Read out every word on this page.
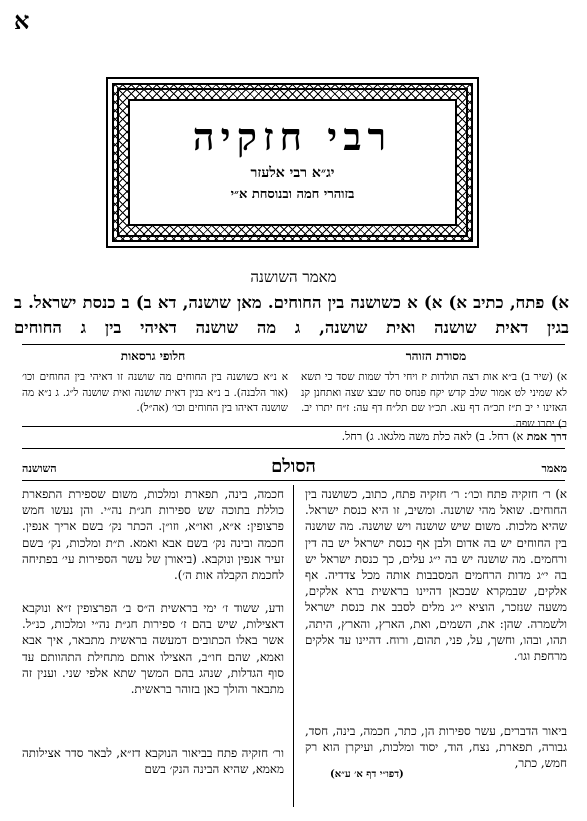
א
רבי חזקיה
יג״א רבי אלעזר
בזוהרי חמה ובנוסחת א״י
מאמר השושנה

א) פתח, כתיב א) א) א כשושנה בין החוחים. מאן שושנה, דא ב) ב כנסת ישראל. ב בגין דאית שושנה ואית שושנה, ג מה שושנה דאיהי בין ג החוחים

מסורת הזוהר
חלופי גרסאות

א) (שיר ב) ב״א אות רצה תולדות יז ויחי רלד שמות שסד כי תשא לא שמיני לט אמור שלב קדש יקח פנחס סח שבצ שצה ואתחנן קנ האזינו י יב ת״ז תכ״ה דף עא. תכ״ו שם תל״ח דף עה: ז״ח יתרו יב. ב) יתרו שפה.

א נ״א כשושנה בין החוחים מה שושנה זו דאיהי בין החוחים וכו׳ (אור הלבנה). ב נ״א בגין דאית שושנה ואית שושנה ל״ג. ג נ״א מה שושנה דאיהו בין החוחים וכו׳ (אה״ל).

דרך אמת א) רחל. ב) לאה כלת משה מלגאו. ג) רחל.
הסולם	מאמר
השושנה

א) ר׳ חזקיה פתח וכו׳: ר׳ חזקיה פתח, כתוב, כשושנה בין החוחים. שואל מהי שושנה. ומשיב, זו היא כנסת ישראל. שהיא מלכות. משום שיש שושנה ויש שושנה. מה שושנה בין החוחים יש בה אדום ולבן אף כנסת ישראל יש בה דין ורחמים. מה שושנה יש בה י״ג עלים, כך כנסת ישראל יש בה י״ג מדות הרחמים המסבבות אותה מכל צדדיה. אף אלקים, שבמקרא שבכאן דהיינו בראשית ברא אלקים, משעה שנזכר, הוציא י״ג מלים לסבב את כנסת ישראל ולשמרה. שהן: את, השמים, ואת, הארץ, והארץ, היתה, תהו, ובהו, וחשך, על, פני, תהום, ורוח. דהיינו עד אלקים מרחפת וגו׳.

ביאור הדברים, עשר ספירות הן, כתר, חכמה, בינה, חסד, גבורה, תפארת, נצח, הוד, יסוד ומלכות, ועיקרן הוא רק חמש, כתר,

חכמה, בינה, תפארת ומלכות, משום שספירת התפארת כוללת בתוכה שש ספירות חג״ת נה״י. והן נעשו חמש פרצופין: א״א, ואו״א, וזו״ן. הכתר נק׳ בשם אריך אנפין. חכמה ובינה נק׳ בשם אבא ואמא. ת״ת ומלכות, נק׳ בשם זעיר אנפין ונוקבא. (ביאורן של עשר הספירות עי׳ בפתיחה לחכמת הקבלה אות ה׳).

ודע, ששוד ז׳ ימי בראשית ה״ס ב׳ הפרצופין ז״א ונוקבא דאצילות, שיש בהם ז׳ ספירות חג״ת נה״י ומלכות, כנ״ל. אשר באלו הכתובים דמעשה בראשית מתבאר, איך אבא ואמא, שהם חו״ב, האצילו אותם מתחילת התהוותם עד סוף הגדלות, שנהג בהם המשך שתא אלפי שני. וענין זה מתבאר והולך כאן בזוהר בראשית.

ור׳ חזקיה פתח בביאור הנוקבא דז״א, לבאר סדר אצילותה מאמא, שהיא הבינה הנק׳ בשם	(דפו״י דף א׳ ע״א)
